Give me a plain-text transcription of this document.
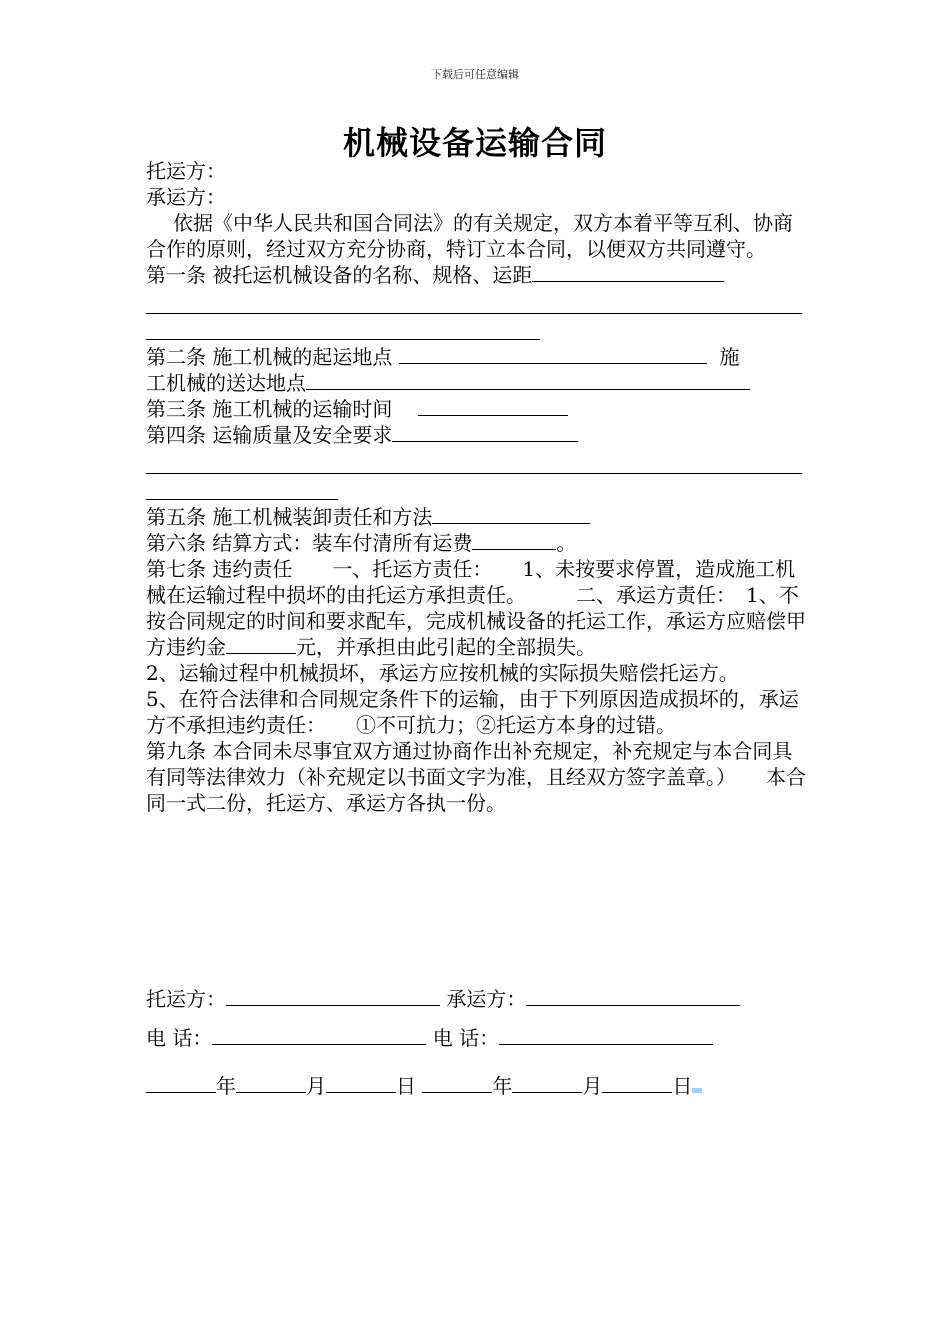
下载后可任意编辑
机械设备运输合同

托运方：

承运方：

依据《中华人民共和国合同法》的有关规定，双方本着平等互利、协商合作的原则，经过双方充分协商，特订立本合同，以便双方共同遵守。

第一条 被托运机械设备的名称、规格、运距

第二条 施工机械的起运地点	施

工机械的送达地点

第三条 施工机械的运输时间

第四条 运输质量及安全要求

第五条 施工机械装卸责任和方法

第六条 结算方式：装车付清所有运费	。

第七条 违约责任　　一、托运方责任：　　1、未按要求停置，造成施工机械在运输过程中损坏的由托运方承担责任。　　　二、承运方责任：　1、不按合同规定的时间和要求配车，完成机械设备的托运工作，承运方应赔偿甲方违约金	元，并承担由此引起的全部损失。

2、运输过程中机械损坏，承运方应按机械的实际损失赔偿托运方。

5、在符合法律和合同规定条件下的运输，由于下列原因造成损坏的，承运方不承担违约责任：　　①不可抗力；②托运方本身的过错。

第九条 本合同未尽事宜双方通过协商作出补充规定，补充规定与本合同具有同等法律效力（补充规定以书面文字为准，且经双方签字盖章。）　　本合同一式二份，托运方、承运方各执一份。

托运方：	承运方：
电 话：	电 话：
年	月	日	年	月	日
